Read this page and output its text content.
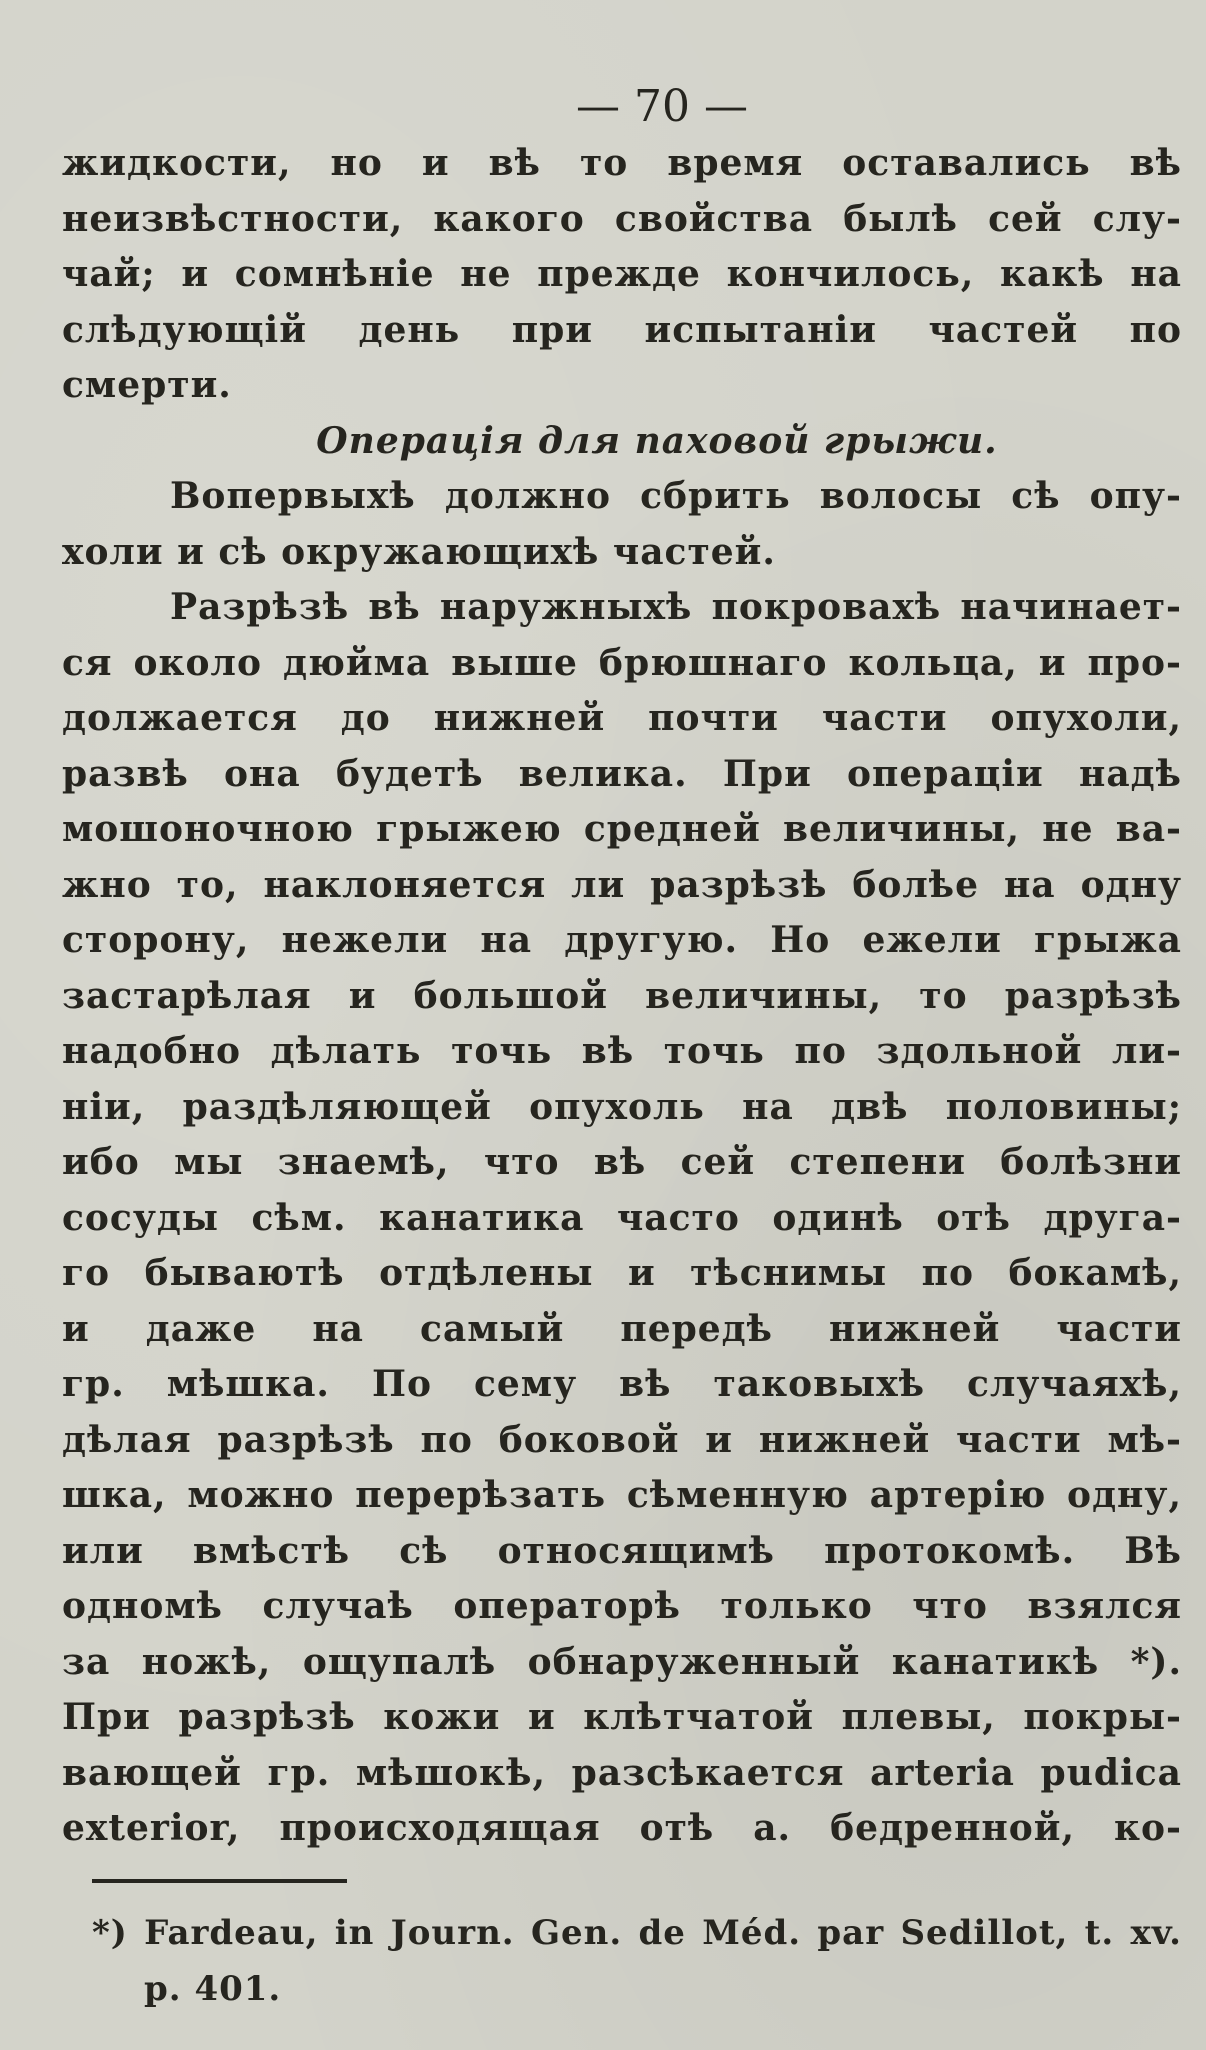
— 70 —
жидкости, но и вѣ то время оставались вѣ
неизвѣстности, какого свойства былѣ сей слу-
чай; и сомнѣніе не прежде кончилось, какѣ на
слѣдующій день при испытаніи частей по
смерти.
Операція для паховой грыжи.
Вопервыхѣ должно сбрить волосы сѣ опу-
холи и сѣ окружающихѣ частей.
Разрѣзѣ вѣ наружныхѣ покровахѣ начинает-
ся около дюйма выше брюшнаго кольца, и про-
должается до нижней почти части опухоли,
развѣ она будетѣ велика. При операціи надѣ
мошоночною грыжею средней величины, не ва-
жно то, наклоняется ли разрѣзѣ болѣе на одну
сторону, нежели на другую. Но ежели грыжа
застарѣлая и большой величины, то разрѣзѣ
надобно дѣлать точь вѣ точь по здольной ли-
ніи, раздѣляющей опухоль на двѣ половины;
ибо мы знаемѣ, что вѣ сей степени болѣзни
сосуды сѣм. канатика часто одинѣ отѣ друга-
го бываютѣ отдѣлены и тѣснимы по бокамѣ,
и даже на самый передѣ нижней части
гр. мѣшка. По сему вѣ таковыхѣ случаяхѣ,
дѣлая разрѣзѣ по боковой и нижней части мѣ-
шка, можно перерѣзать сѣменную артерію одну,
или вмѣстѣ сѣ относящимѣ протокомѣ. Вѣ
одномѣ случаѣ операторѣ только что взялся
за ножѣ, ощупалѣ обнаруженный канатикѣ *).
При разрѣзѣ кожи и клѣтчатой плевы, покры-
вающей гр. мѣшокѣ, разсѣкается arteria pudica
exterior, происходящая отѣ а. бедренной, ко-
*) Fardeau, in Journ. Gen. de Méd. par Sedillot, t. xv.
p. 401.
